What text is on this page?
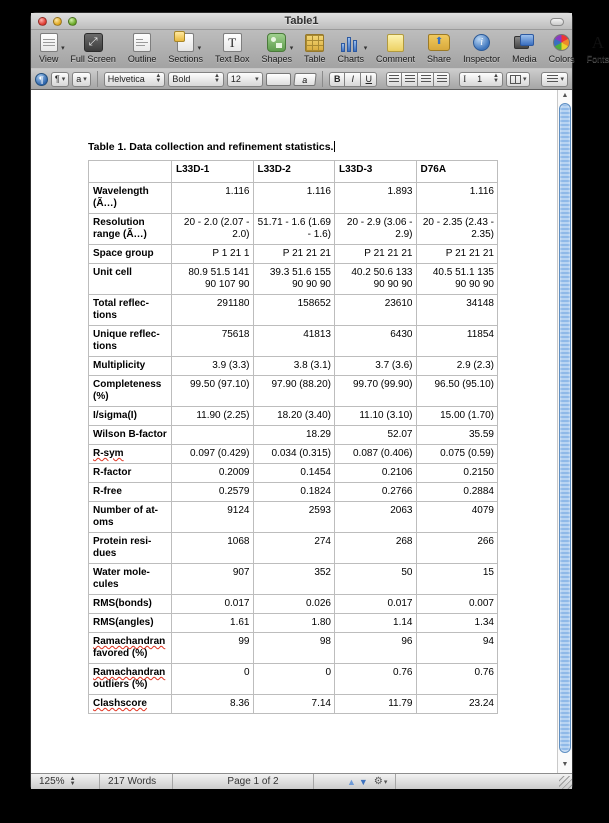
Table1
▾
View
⤢
Full Screen Outline
▾
Sections
T
Text Box
▾
Shapes Table
▾
Charts Comment
⬆ Share
i
Inspector Media Colors
A
Fonts
¶	¶ ▾ a ▾ Helvetica ▲
▼ Bold	▲
▼ 12 ▾	a	B	I	U	I 1 ▲
▼	▾	▾
Table 1. Data collection and refinement statistics.
	L33D-1	L33D-2	L33D-3	D76A
Wavelength (Ã…)	1.116	1.116	1.893	1.116
Resolution range (Ã…)	20 - 2.0 (2.07 - 2.0)	51.71 - 1.6 (1.69 - 1.6)	20 - 2.9 (3.06 - 2.9)	20 - 2.35 (2.43 - 2.35)
Space group	P 1 21 1	P 21 21 21	P 21 21 21	P 21 21 21
Unit cell	80.9 51.5 141 90 107 90	39.3 51.6 155 90 90 90	40.2 50.6 133 90 90 90	40.5 51.1 135 90 90 90
Total reflections	291180	158652	23610	34148
Unique reflections	75618	41813	6430	11854
Multiplicity	3.9 (3.3)	3.8 (3.1)	3.7 (3.6)	2.9 (2.3)
Completeness (%)	99.50 (97.10)	97.90 (88.20)	99.70 (99.90)	96.50 (95.10)
I/sigma(I)	11.90 (2.25)	18.20 (3.40)	11.10 (3.10)	15.00 (1.70)
Wilson B-factor		18.29	52.07	35.59
R-sym	0.097 (0.429)	0.034 (0.315)	0.087 (0.406)	0.075 (0.59)
R-factor	0.2009	0.1454	0.2106	0.2150
R-free	0.2579	0.1824	0.2766	0.2884
Number of atoms	9124	2593	2063	4079
Protein residues	1068	274	268	266
Water molecules	907	352	50	15
RMS(bonds)	0.017	0.026	0.017	0.007
RMS(angles)	1.61	1.80	1.14	1.34
Ramachandran favored (%)	99	98	96	94
Ramachandran outliers (%)	0	0	0.76	0.76
Clashscore	8.36	7.14	11.79	23.24
▲
▼
125% ▲
▼	217 Words	Page 1 of 2	▲ ▼ ⚙ ▾
